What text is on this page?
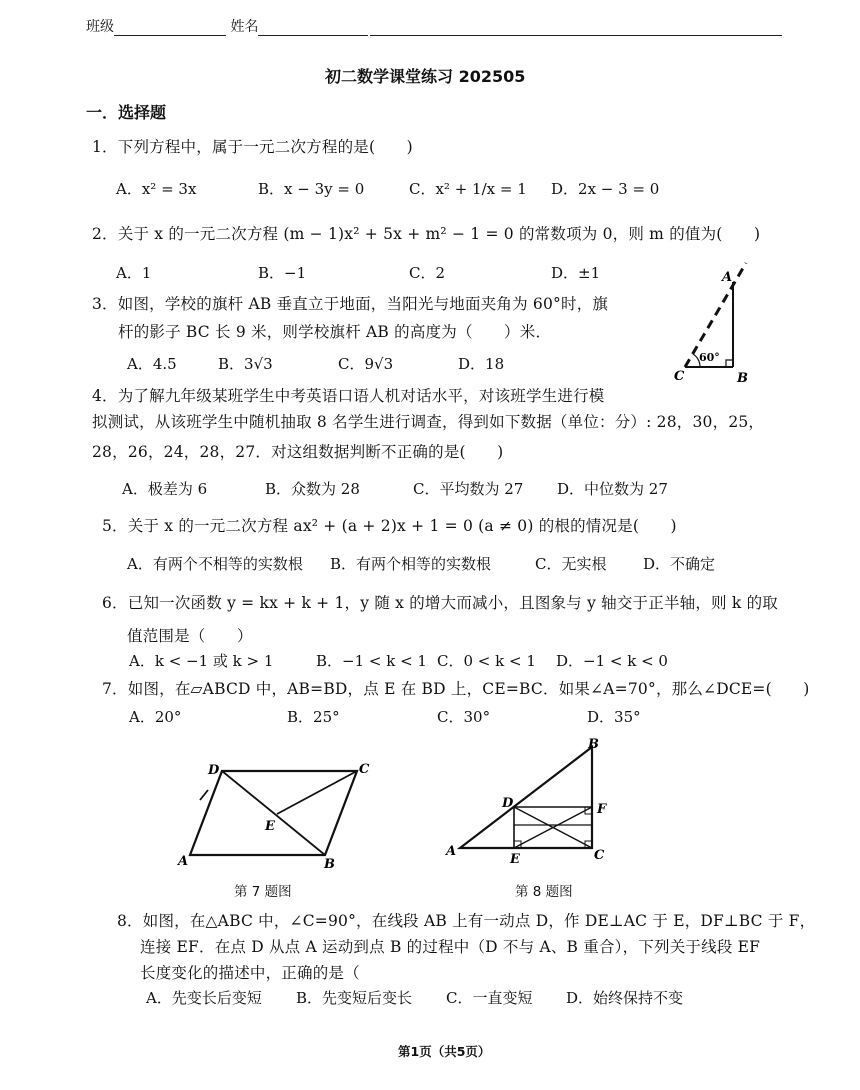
班级	姓名
初二数学课堂练习 202505
一．选择题
1．下列方程中，属于一元二次方程的是(　　)
A．x² = 3x	B．x − 3y = 0	C．x² + 1/x = 1 D．2x − 3 = 0
2．关于 x 的一元二次方程 (m − 1)x² + 5x + m² − 1 = 0 的常数项为 0，则 m 的值为(　　)
A．1	B．−1	C．2	D．±1
3．如图，学校的旗杆 AB 垂直立于地面，当阳光与地面夹角为 60°时，旗
杆的影子 BC 长 9 米，则学校旗杆 AB 的高度为（　　）米．
A．4.5	B．3√3	C．9√3	D．18
A
B
C
60°
4．为了解九年级某班学生中考英语口语人机对话水平，对该班学生进行模
拟测试，从该班学生中随机抽取 8 名学生进行调查，得到如下数据（单位：分）: 28，30，25，
28，26，24，28，27．对这组数据判断不正确的是(　　)
A．极差为 6	B．众数为 28	C．平均数为 27 D．中位数为 27
5．关于 x 的一元二次方程 ax² + (a + 2)x + 1 = 0 (a ≠ 0) 的根的情况是(　　)
A．有两个不相等的实数根 B．有两个相等的实数根	C．无实根 D．不确定
6．已知一次函数 y = kx + k + 1，y 随 x 的增大而减小，且图象与 y 轴交于正半轴，则 k 的取
值范围是（　　）
A．k < −1 或 k > 1	B．−1 < k < 1 C．0 < k < 1 D．−1 < k < 0
7．如图，在▱ABCD 中，AB=BD，点 E 在 BD 上，CE=BC．如果∠A=70°，那么∠DCE=(　　)
A．20°	B．25°	C．30°	D．35°
A	B
C
D
E
第 7 题图
A
B
C
D
E
F
第 8 题图
8．如图，在△ABC 中，∠C=90°，在线段 AB 上有一动点 D，作 DE⊥AC 于 E，DF⊥BC 于 F，
连接 EF．在点 D 从点 A 运动到点 B 的过程中（D 不与 A、B 重合），下列关于线段 EF
长度变化的描述中，正确的是（
A．先变长后变短 B．先变短后变长 C．一直变短 D．始终保持不变
第1页（共5页）
